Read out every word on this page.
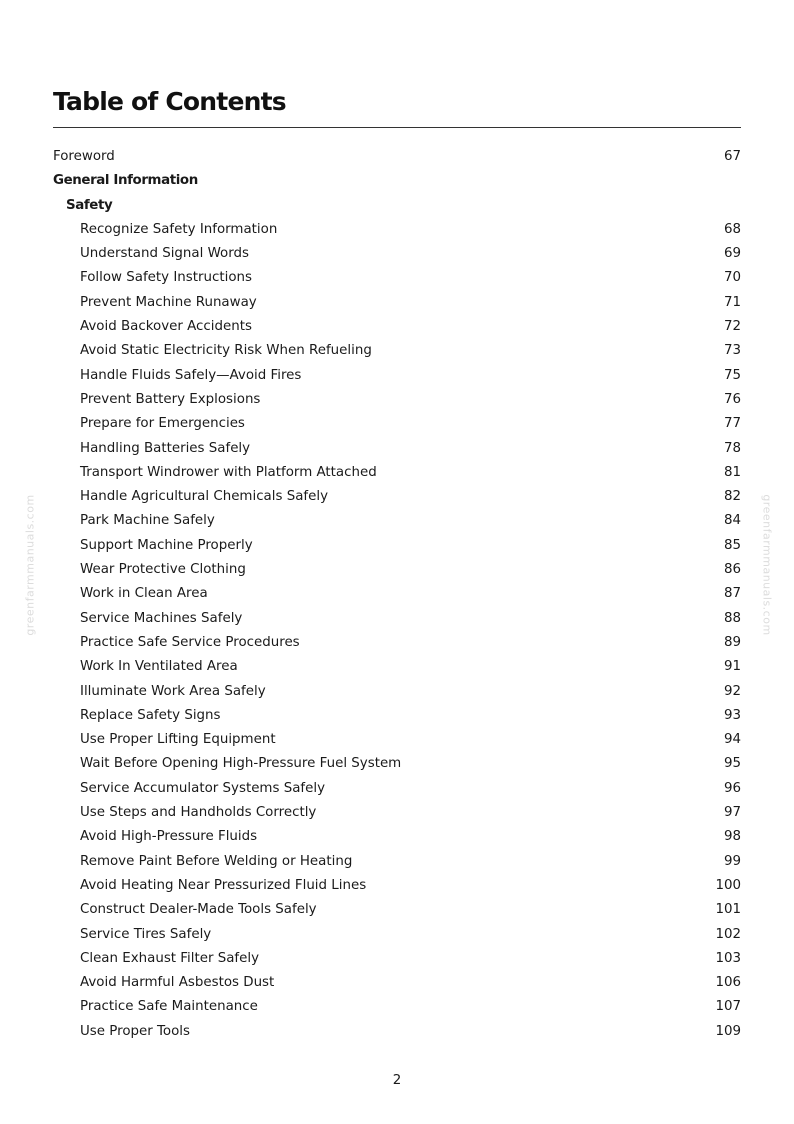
Table of Contents
Foreword	67
General Information
Safety
Recognize Safety Information	68
Understand Signal Words	69
Follow Safety Instructions	70
Prevent Machine Runaway	71
Avoid Backover Accidents	72
Avoid Static Electricity Risk When Refueling	73
Handle Fluids Safely—Avoid Fires	75
Prevent Battery Explosions	76
Prepare for Emergencies	77
Handling Batteries Safely	78
Transport Windrower with Platform Attached	81
Handle Agricultural Chemicals Safely	82
Park Machine Safely	84
Support Machine Properly	85
Wear Protective Clothing	86
Work in Clean Area	87
Service Machines Safely	88
Practice Safe Service Procedures	89
Work In Ventilated Area	91
Illuminate Work Area Safely	92
Replace Safety Signs	93
Use Proper Lifting Equipment	94
Wait Before Opening High-Pressure Fuel System	95
Service Accumulator Systems Safely	96
Use Steps and Handholds Correctly	97
Avoid High-Pressure Fluids	98
Remove Paint Before Welding or Heating	99
Avoid Heating Near Pressurized Fluid Lines	100
Construct Dealer-Made Tools Safely	101
Service Tires Safely	102
Clean Exhaust Filter Safely	103
Avoid Harmful Asbestos Dust	106
Practice Safe Maintenance	107
Use Proper Tools	109
greenfarmmanuals.com	greenfarmmanuals.com
2
